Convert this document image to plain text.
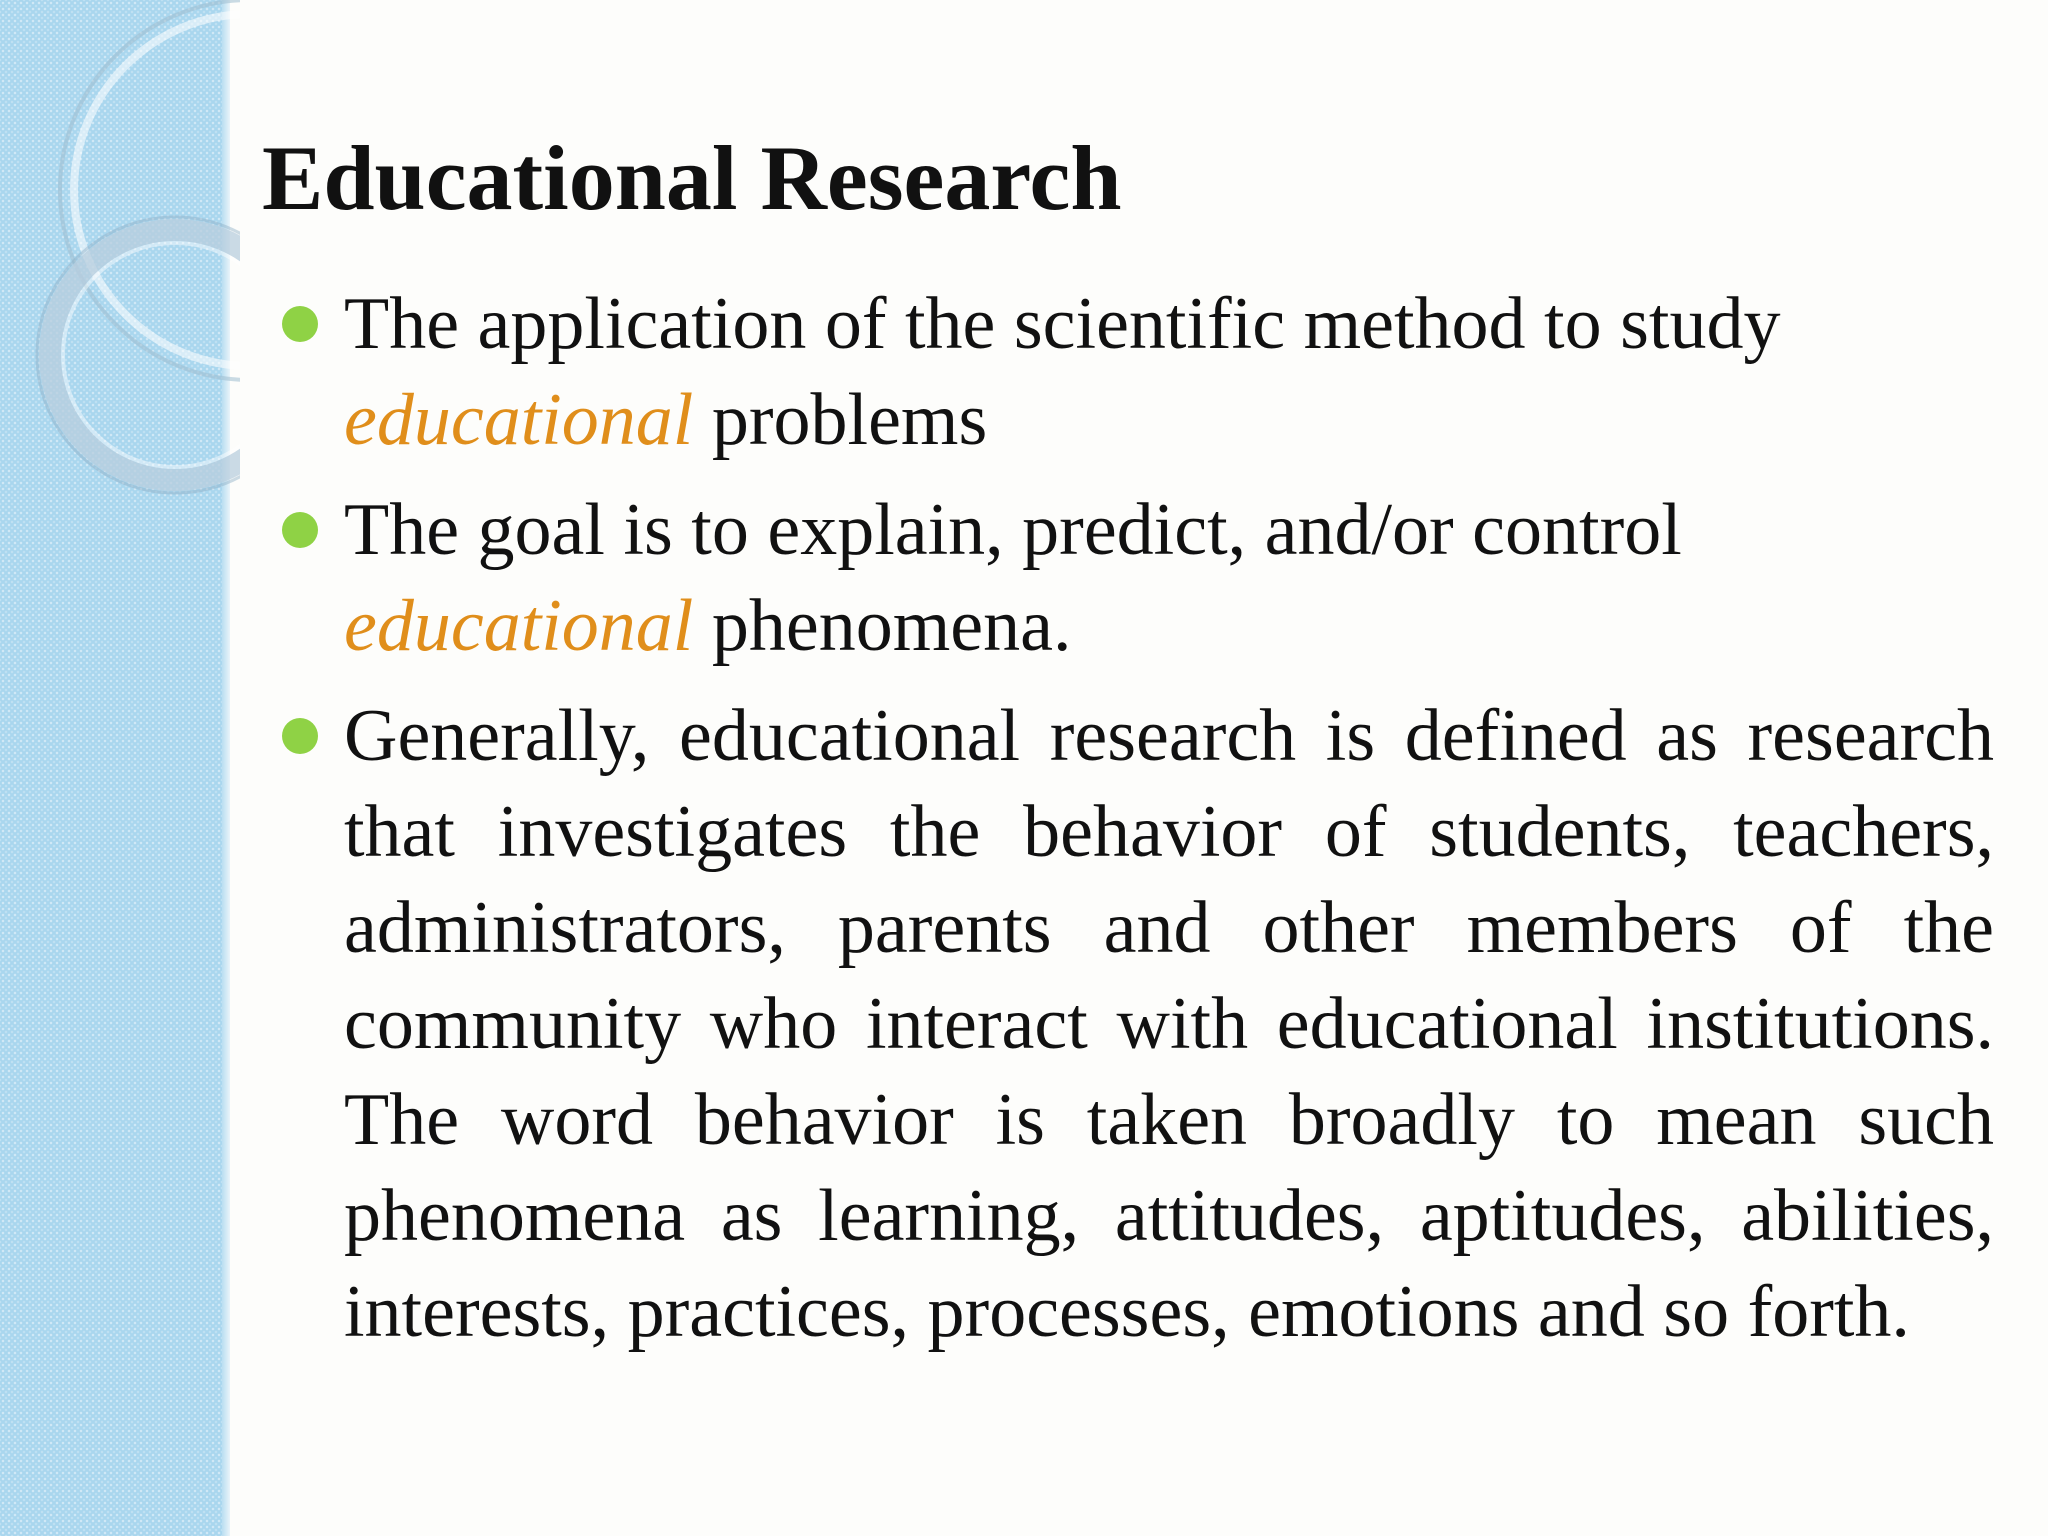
Educational Research
The application of the scientific method to study
educational problems
The goal is to explain, predict, and/or control
educational phenomena.
Generally, educational research is defined as research that investigates the behavior of students, teachers, administrators, parents and other members of the community who interact with educational institutions. The word behavior is taken broadly to mean such phenomena as learning, attitudes, aptitudes, abilities, interests, practices, processes, emotions and so forth.
